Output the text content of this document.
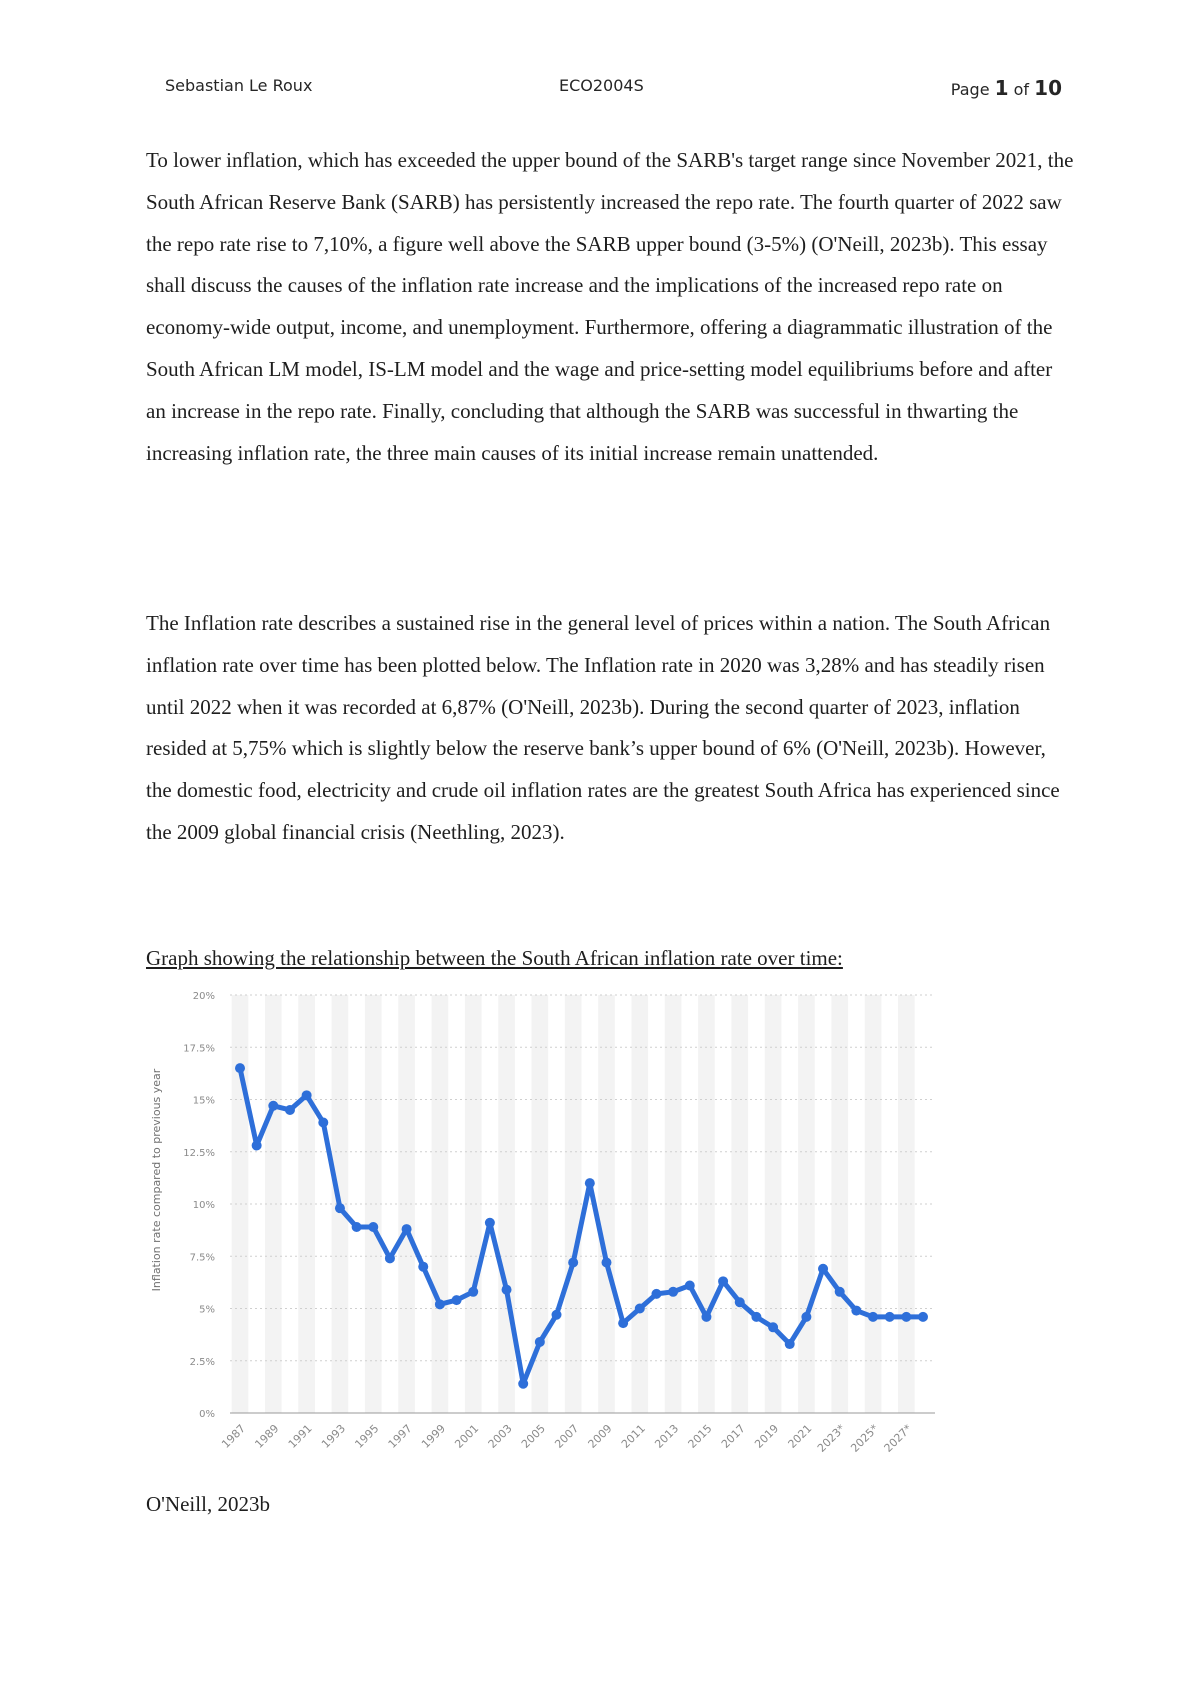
Sebastian Le Roux	ECO2004S	Page 1 of 10
To lower inflation, which has exceeded the upper bound of the SARB's target range since November 2021, the South African Reserve Bank (SARB) has persistently increased the repo rate. The fourth quarter of 2022 saw the repo rate rise to 7,10%, a figure well above the SARB upper bound (3-5%) (O'Neill, 2023b). This essay shall discuss the causes of the inflation rate increase and the implications of the increased repo rate on economy-wide output, income, and unemployment. Furthermore, offering a diagrammatic illustration of the South African LM model, IS-LM model and the wage and price-setting model equilibriums before and after an increase in the repo rate. Finally, concluding that although the SARB was successful in thwarting the increasing inflation rate, the three main causes of its initial increase remain unattended.
The Inflation rate describes a sustained rise in the general level of prices within a nation. The South African inflation rate over time has been plotted below. The Inflation rate in 2020 was 3,28% and has steadily risen until 2022 when it was recorded at 6,87% (O'Neill, 2023b). During the second quarter of 2023, inflation resided at 5,75% which is slightly below the reserve bank’s upper bound of 6% (O'Neill, 2023b). However, the domestic food, electricity and crude oil inflation rates are the greatest South Africa has experienced since the 2009 global financial crisis (Neethling, 2023).
Graph showing the relationship between the South African inflation rate over time:
0%
2.5%
5%
7.5%
10%
12.5%
15%
17.5%
20%
1987 1989 1991 1993 1995 1997 1999 2001 2003 2005 2007 2009 2011 2013 2015 2017 2019 2021 2023* 2025* 2027*
Inflation rate compared to previous year
O'Neill, 2023b
